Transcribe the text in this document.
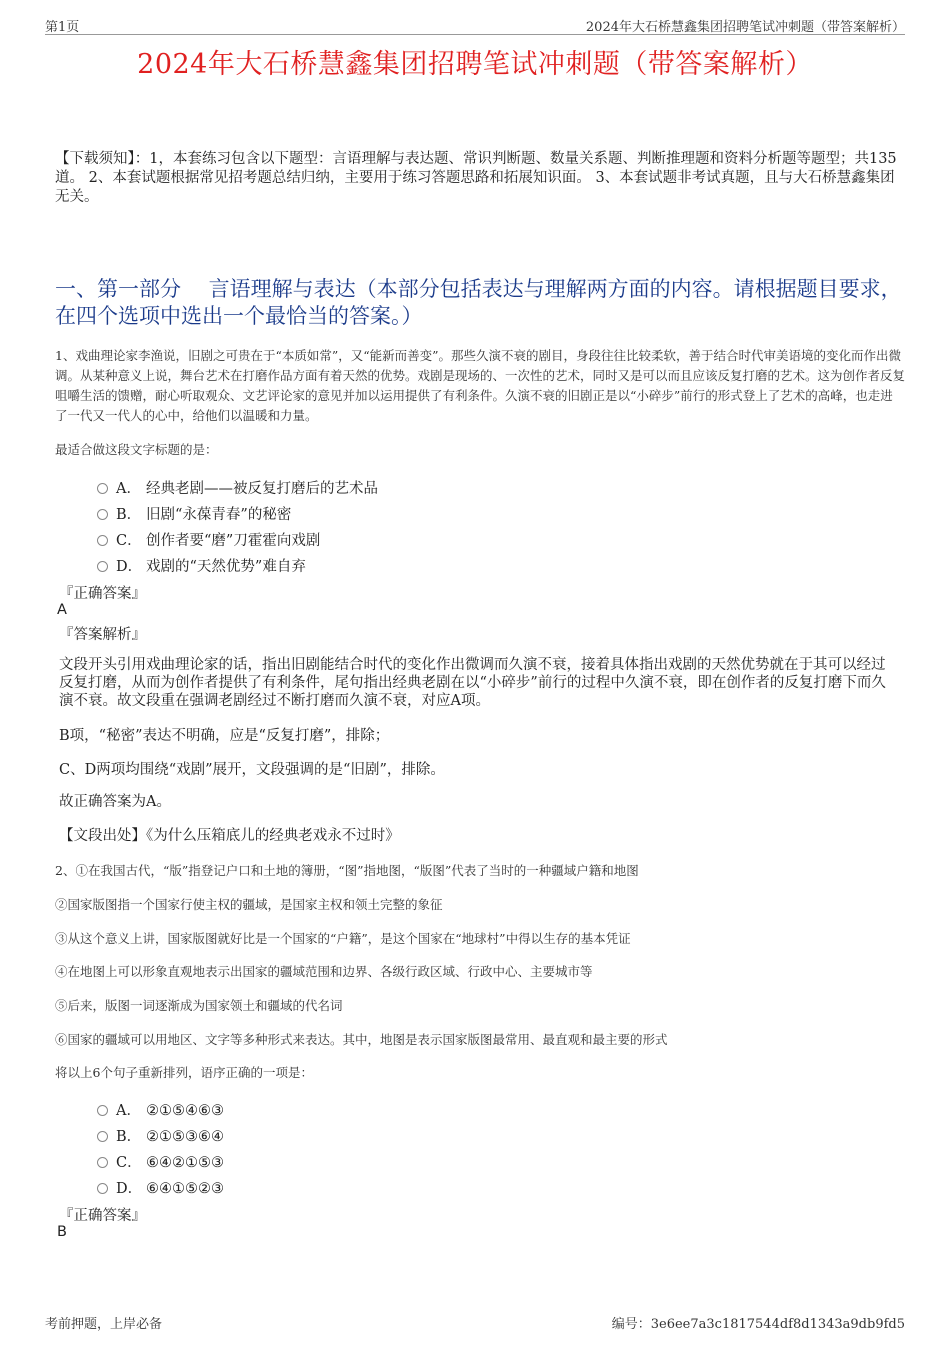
第1页	2024年大石桥慧鑫集团招聘笔试冲刺题（带答案解析）
2024年大石桥慧鑫集团招聘笔试冲刺题（带答案解析）
【下载须知】：1，本套练习包含以下题型：言语理解与表达题、常识判断题、数量关系题、判断推理题和资料分析题等题型；共135道。 2、本套试题根据常见招考题总结归纳，主要用于练习答题思路和拓展知识面。 3、本套试题非考试真题，且与大石桥慧鑫集团无关。
一、第一部分　 言语理解与表达（本部分包括表达与理解两方面的内容。请根据题目要求，在四个选项中选出一个最恰当的答案。）
1、戏曲理论家李渔说，旧剧之可贵在于“本质如常”，又“能新而善变”。那些久演不衰的剧目，身段往往比较柔软，善于结合时代审美语境的变化而作出微调。从某种意义上说，舞台艺术在打磨作品方面有着天然的优势。戏剧是现场的、一次性的艺术，同时又是可以而且应该反复打磨的艺术。这为创作者反复咀嚼生活的馈赠，耐心听取观众、文艺评论家的意见并加以运用提供了有利条件。久演不衰的旧剧正是以“小碎步”前行的形式登上了艺术的高峰，也走进了一代又一代人的心中，给他们以温暖和力量。
最适合做这段文字标题的是：
A． 经典老剧——被反复打磨后的艺术品
B． 旧剧“永葆青春”的秘密
C． 创作者要“磨”刀霍霍向戏剧
D． 戏剧的“天然优势”难自弃
『正确答案』
A
『答案解析』
文段开头引用戏曲理论家的话，指出旧剧能结合时代的变化作出微调而久演不衰，接着具体指出戏剧的天然优势就在于其可以经过反复打磨，从而为创作者提供了有利条件，尾句指出经典老剧在以“小碎步”前行的过程中久演不衰，即在创作者的反复打磨下而久演不衰。故文段重在强调老剧经过不断打磨而久演不衰，对应A项。
B项，“秘密”表达不明确，应是“反复打磨”，排除；
C、D两项均围绕“戏剧”展开，文段强调的是“旧剧”，排除。
故正确答案为A。
【文段出处】《为什么压箱底儿的经典老戏永不过时》
2、①在我国古代，“版”指登记户口和土地的簿册，“图”指地图，“版图”代表了当时的一种疆域户籍和地图
②国家版图指一个国家行使主权的疆域，是国家主权和领土完整的象征
③从这个意义上讲，国家版图就好比是一个国家的“户籍”，是这个国家在“地球村”中得以生存的基本凭证
④在地图上可以形象直观地表示出国家的疆域范围和边界、各级行政区域、行政中心、主要城市等
⑤后来，版图一词逐渐成为国家领土和疆域的代名词
⑥国家的疆域可以用地区、文字等多种形式来表达。其中，地图是表示国家版图最常用、最直观和最主要的形式
将以上6个句子重新排列，语序正确的一项是：
A． ②①⑤④⑥③
B． ②①⑤③⑥④
C． ⑥④②①⑤③
D． ⑥④①⑤②③
『正确答案』
B
考前押题，上岸必备	编号：3e6ee7a3c1817544df8d1343a9db9fd5
